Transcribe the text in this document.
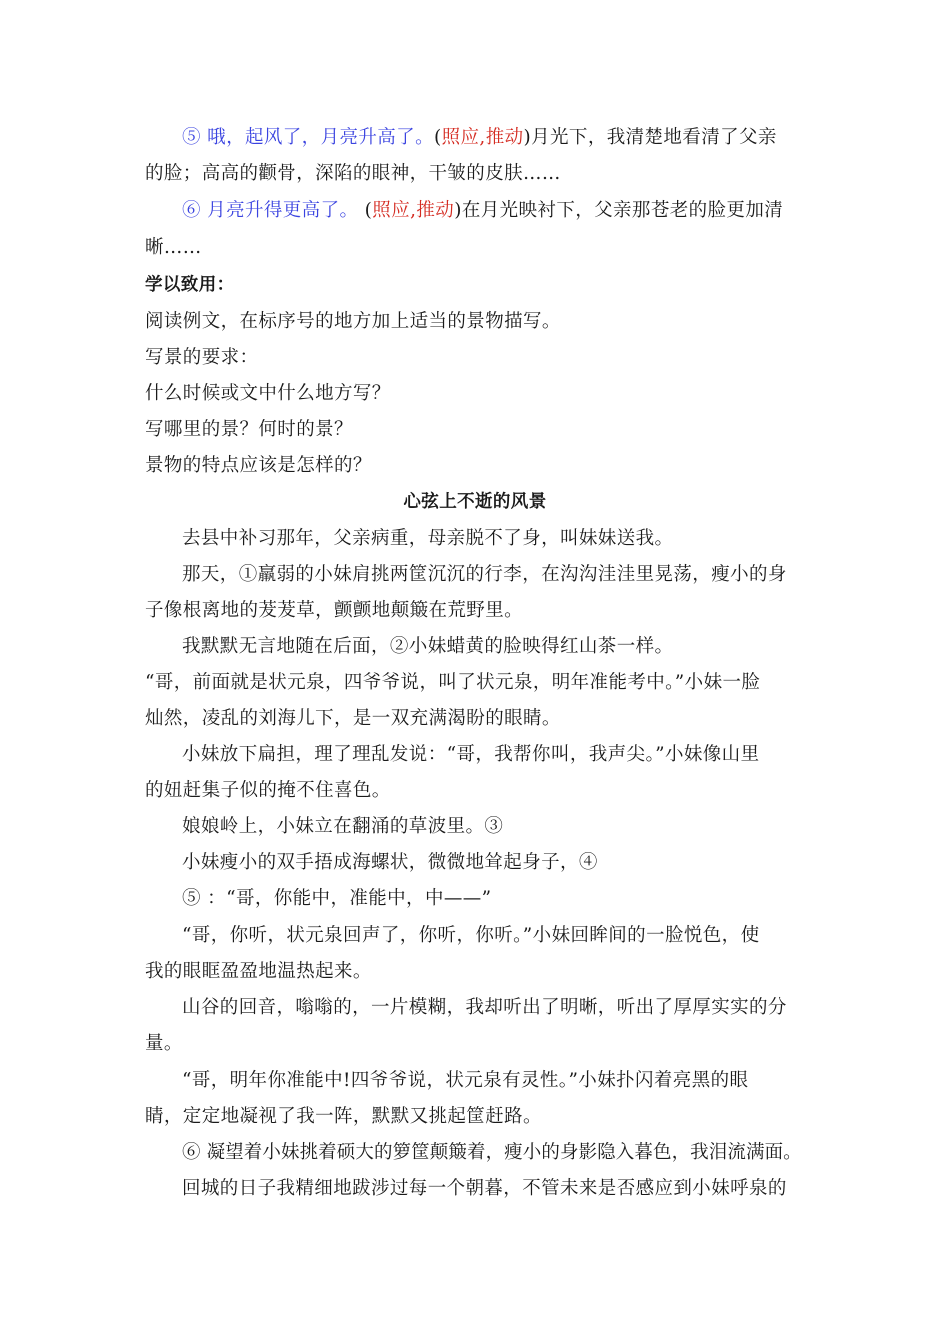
⑤ 哦，起风了，月亮升高了。(照应,推动)月光下，我清楚地看清了父亲
的脸；高高的颧骨，深陷的眼神，干皱的皮肤……
⑥ 月亮升得更高了。 (照应,推动)在月光映衬下，父亲那苍老的脸更加清
晰……
学以致用：
阅读例文，在标序号的地方加上适当的景物描写。
写景的要求：
什么时候或文中什么地方写？
写哪里的景？何时的景？
景物的特点应该是怎样的？
心弦上不逝的风景
去县中补习那年，父亲病重，母亲脱不了身，叫妹妹送我。
那天，①羸弱的小妹肩挑两筐沉沉的行李，在沟沟洼洼里晃荡，瘦小的身
子像根离地的茇茇草，颤颤地颠簸在荒野里。
我默默无言地随在后面，②小妹蜡黄的脸映得红山茶一样。
“哥，前面就是状元泉，四爷爷说，叫了状元泉，明年准能考中。”小妹一脸
灿然，凌乱的刘海儿下，是一双充满渴盼的眼睛。
小妹放下扁担，理了理乱发说：“哥，我帮你叫，我声尖。”小妹像山里
的妞赶集子似的掩不住喜色。
娘娘岭上，小妹立在翻涌的草波里。③
小妹瘦小的双手捂成海螺状，微微地耸起身子，④
⑤ ：“哥，你能中，准能中，中——”
“哥，你听，状元泉回声了，你听，你听。”小妹回眸间的一脸悦色，使
我的眼眶盈盈地温热起来。
山谷的回音，嗡嗡的，一片模糊，我却听出了明晰，听出了厚厚实实的分
量。
“哥，明年你准能中!四爷爷说，状元泉有灵性。”小妹扑闪着亮黑的眼
睛，定定地凝视了我一阵，默默又挑起筐赶路。
⑥ 凝望着小妹挑着硕大的箩筐颠簸着，瘦小的身影隐入暮色，我泪流满面。
回城的日子我精细地跋涉过每一个朝暮，不管未来是否感应到小妹呼泉的
